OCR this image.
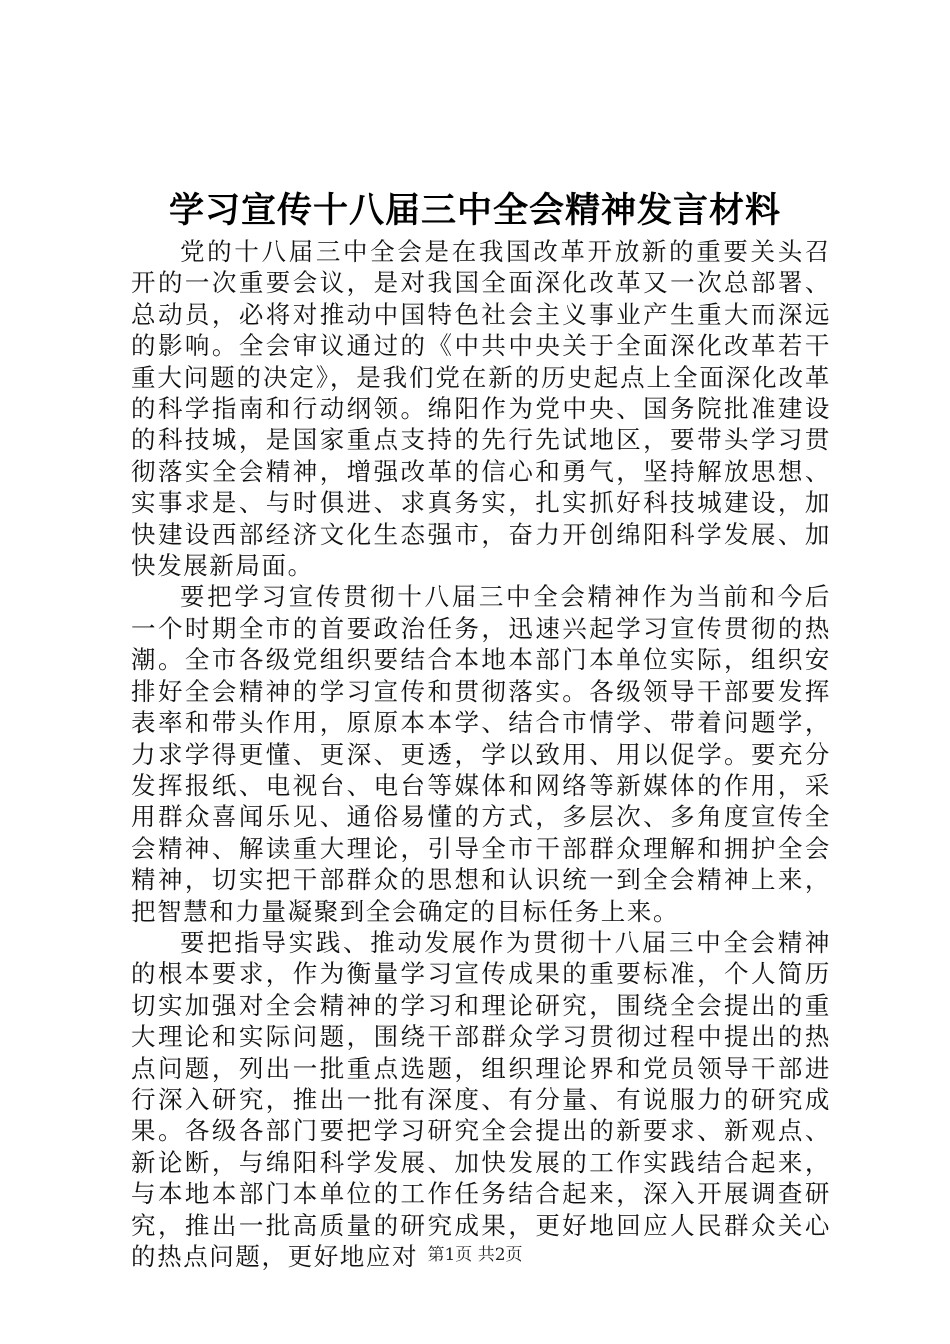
学习宣传十八届三中全会精神发言材料

党的十八届三中全会是在我国改革开放新的重要关头召开的一次重要会议，是对我国全面深化改革又一次总部署、总动员，必将对推动中国特色社会主义事业产生重大而深远的影响。全会审议通过的《中共中央关于全面深化改革若干重大问题的决定》，是我们党在新的历史起点上全面深化改革的科学指南和行动纲领。绵阳作为党中央、国务院批准建设的科技城，是国家重点支持的先行先试地区，要带头学习贯彻落实全会精神，增强改革的信心和勇气，坚持解放思想、实事求是、与时俱进、求真务实，扎实抓好科技城建设，加快建设西部经济文化生态强市，奋力开创绵阳科学发展、加快发展新局面。

要把学习宣传贯彻十八届三中全会精神作为当前和今后一个时期全市的首要政治任务，迅速兴起学习宣传贯彻的热潮。全市各级党组织要结合本地本部门本单位实际，组织安排好全会精神的学习宣传和贯彻落实。各级领导干部要发挥表率和带头作用，原原本本学、结合市情学、带着问题学，力求学得更懂、更深、更透，学以致用、用以促学。要充分发挥报纸、电视台、电台等媒体和网络等新媒体的作用，采用群众喜闻乐见、通俗易懂的方式，多层次、多角度宣传全会精神、解读重大理论，引导全市干部群众理解和拥护全会精神，切实把干部群众的思想和认识统一到全会精神上来，把智慧和力量凝聚到全会确定的目标任务上来。

要把指导实践、推动发展作为贯彻十八届三中全会精神的根本要求，作为衡量学习宣传成果的重要标准，个人简历切实加强对全会精神的学习和理论研究，围绕全会提出的重大理论和实际问题，围绕干部群众学习贯彻过程中提出的热点问题，列出一批重点选题，组织理论界和党员领导干部进行深入研究，推出一批有深度、有分量、有说服力的研究成果。各级各部门要把学习研究全会提出的新要求、新观点、新论断，与绵阳科学发展、加快发展的工作实践结合起来，与本地本部门本单位的工作任务结合起来，深入开展调查研究，推出一批高质量的研究成果，更好地回应人民群众关心的热点问题，更好地应对 第1页 共2页
